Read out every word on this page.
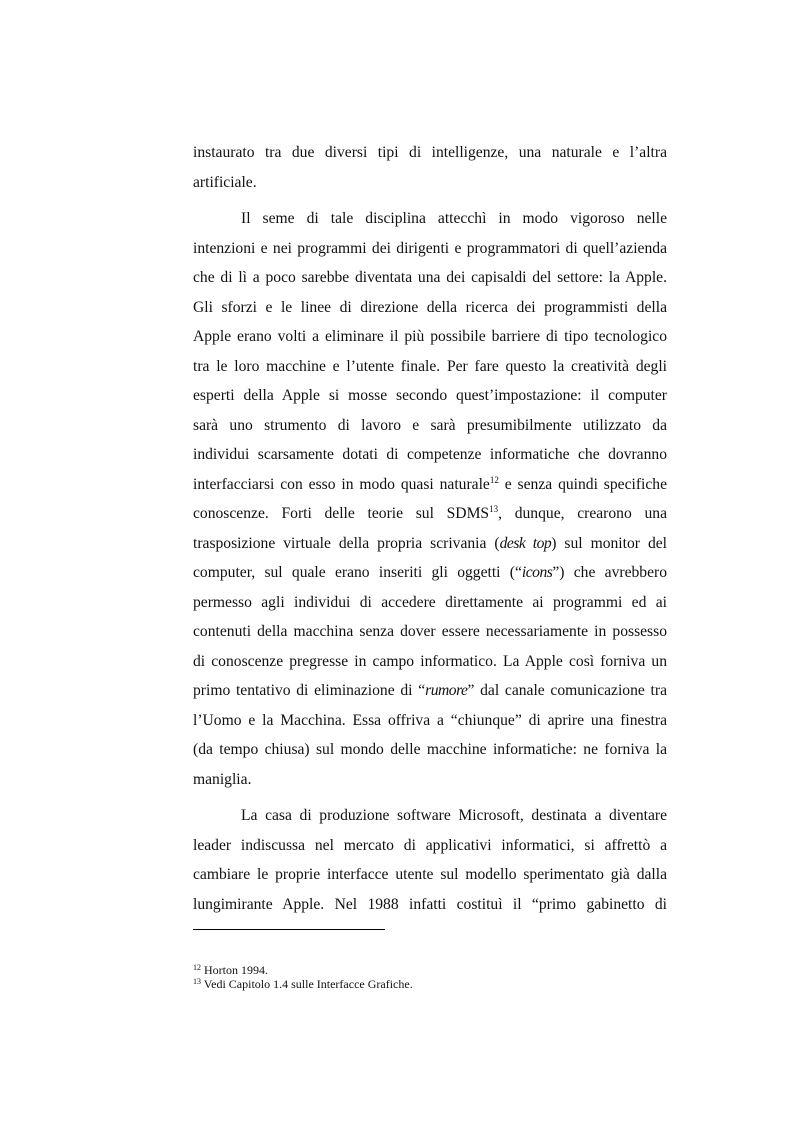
instaurato tra due diversi tipi di intelligenze, una naturale e l’altra

artificiale.

Il seme di tale disciplina attecchì in modo vigoroso nelle

intenzioni e nei programmi dei dirigenti e programmatori di quell’azienda

che di lì a poco sarebbe diventata una dei capisaldi del settore: la Apple.

Gli sforzi e le linee di direzione della ricerca dei programmisti della

Apple erano volti a eliminare il più possibile barriere di tipo tecnologico

tra le loro macchine e l’utente finale. Per fare questo la creatività degli

esperti della Apple si mosse secondo quest’impostazione: il computer

sarà uno strumento di lavoro e sarà presumibilmente utilizzato da

individui scarsamente dotati di competenze informatiche che dovranno

interfacciarsi con esso in modo quasi naturale$^{12}$ e senza quindi specifiche

conoscenze. Forti delle teorie sul SDMS$^{13}$, dunque, crearono una

trasposizione virtuale della propria scrivania (desk top) sul monitor del

computer, sul quale erano inseriti gli oggetti (“icons”) che avrebbero

permesso agli individui di accedere direttamente ai programmi ed ai

contenuti della macchina senza dover essere necessariamente in possesso

di conoscenze pregresse in campo informatico. La Apple così forniva un

primo tentativo di eliminazione di “rumore” dal canale comunicazione tra

l’Uomo e la Macchina. Essa offriva a “chiunque” di aprire una finestra

(da tempo chiusa) sul mondo delle macchine informatiche: ne forniva la

maniglia.

La casa di produzione software Microsoft, destinata a diventare

leader indiscussa nel mercato di applicativi informatici, si affrettò a

cambiare le proprie interfacce utente sul modello sperimentato già dalla

lungimirante Apple. Nel 1988 infatti costituì il “primo gabinetto di

$^{12}$ Horton 1994.
$^{13}$ Vedi Capitolo 1.4 sulle Interfacce Grafiche.
